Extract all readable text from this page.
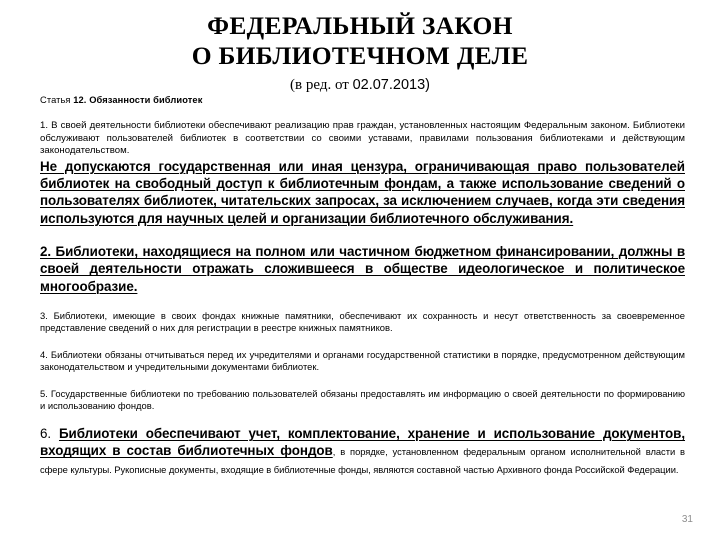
ФЕДЕРАЛЬНЫЙ ЗАКОН
О БИБЛИОТЕЧНОМ ДЕЛЕ
(в ред. от 02.07.2013)
Статья 12. Обязанности библиотек

1. В своей деятельности библиотеки обеспечивают реализацию прав граждан, установленных настоящим Федеральным законом. Библиотеки обслуживают пользователей библиотек в соответствии со своими уставами, правилами пользования библиотеками и действующим законодательством.

Не допускаются государственная или иная цензура, ограничивающая право пользователей библиотек на свободный доступ к библиотечным фондам, а также использование сведений о пользователях библиотек, читательских запросах, за исключением случаев, когда эти сведения используются для научных целей и организации библиотечного обслуживания.

2. Библиотеки, находящиеся на полном или частичном бюджетном финансировании, должны в своей деятельности отражать сложившееся в обществе идеологическое и политическое многообразие.

3. Библиотеки, имеющие в своих фондах книжные памятники, обеспечивают их сохранность и несут ответственность за своевременное представление сведений о них для регистрации в реестре книжных памятников.

4. Библиотеки обязаны отчитываться перед их учредителями и органами государственной статистики в порядке, предусмотренном действующим законодательством и учредительными документами библиотек.

5. Государственные библиотеки по требованию пользователей обязаны предоставлять им информацию о своей деятельности по формированию и использованию фондов.

6. Библиотеки обеспечивают учет, комплектование, хранение и использование документов, входящих в состав библиотечных фондов, в порядке, установленном федеральным органом исполнительной власти в сфере культуры. Рукописные документы, входящие в библиотечные фонды, являются составной частью Архивного фонда Российской Федерации.

31
